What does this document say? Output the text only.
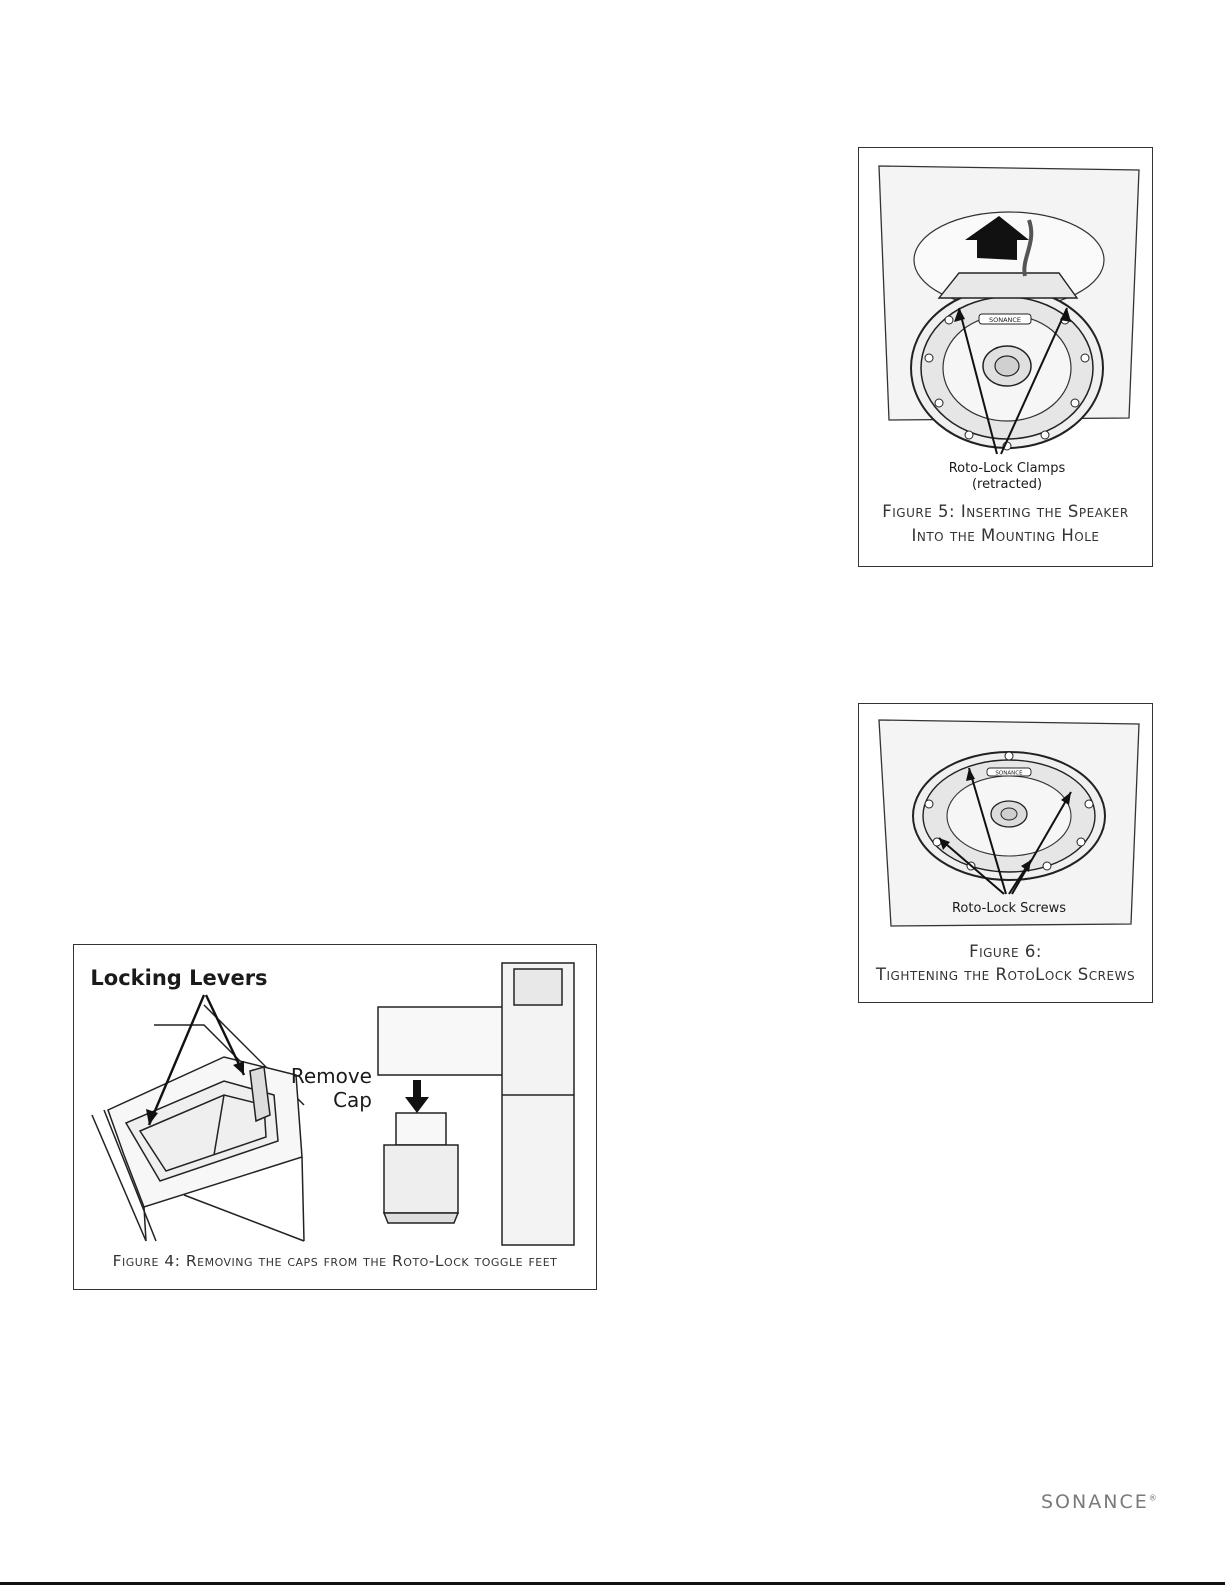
SONANCE
Roto-Lock Clamps
(retracted)
Figure 5: Inserting the Speaker
Into the Mounting Hole
SONANCE
Roto-Lock Screws
Figure 6:
Tightening the RotoLock Screws
Locking Levers
Remove
Cap
Figure 4: Removing the caps from the Roto-Lock toggle feet
SONANCE®
